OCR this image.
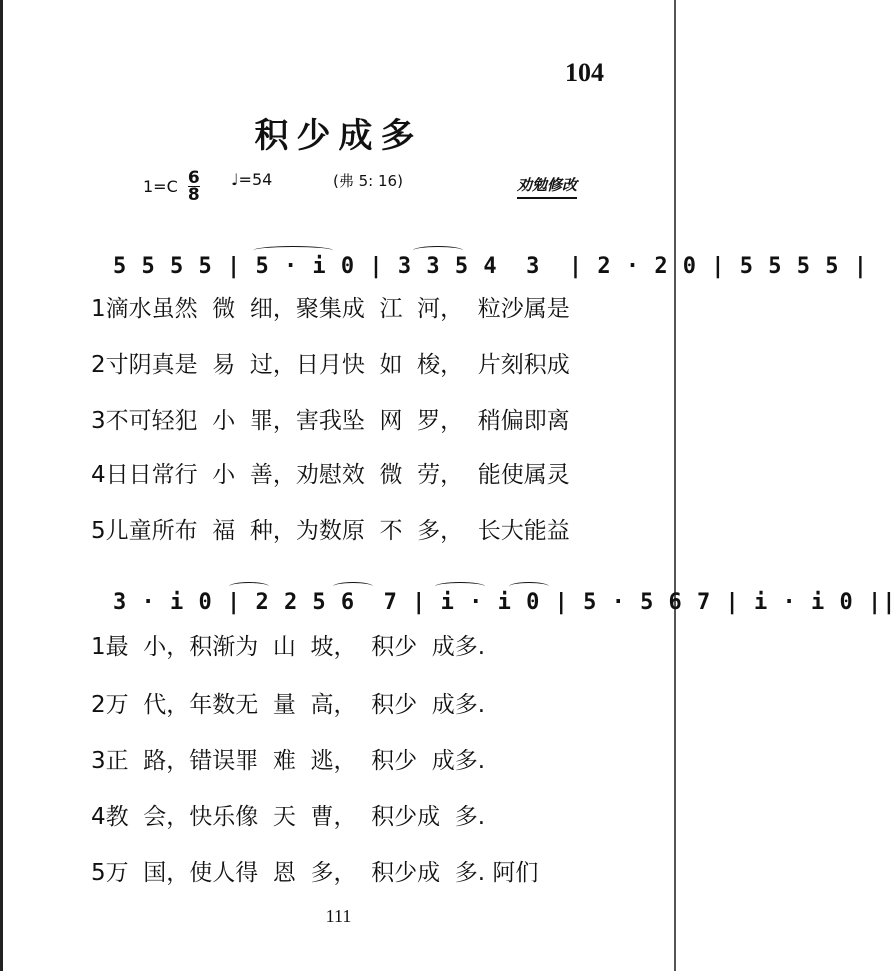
104
积少成多
1=C 6
8
♩=54	(弗 5: 16)	劝勉修改
5 5 5 5 | 5 · i 0 | 3 3 5 4  3  | 2 · 2 0 | 5 5 5 5 |
1滴水虽然  微  细，聚集成  江  河，  粒沙属是
2寸阴真是  易  过，日月快  如  梭，  片刻积成
3不可轻犯  小  罪，害我坠  网  罗，  稍偏即离
4日日常行  小  善，劝慰效  微  劳，  能使属灵
5儿童所布  福  种，为数原  不  多，  长大能益
3 · i 0 | 2 2 5 6  7 | i · i 0 | 5 · 5 6 7 | i · i 0 ||
1最  小，积渐为  山  坡，  积少  成多.
2万  代，年数无  量  高，  积少  成多.
3正  路，错误罪  难  逃，  积少  成多.
4教  会，快乐像  天  曹，  积少成  多.
5万  国，使人得  恩  多，  积少成  多. 阿们
111
